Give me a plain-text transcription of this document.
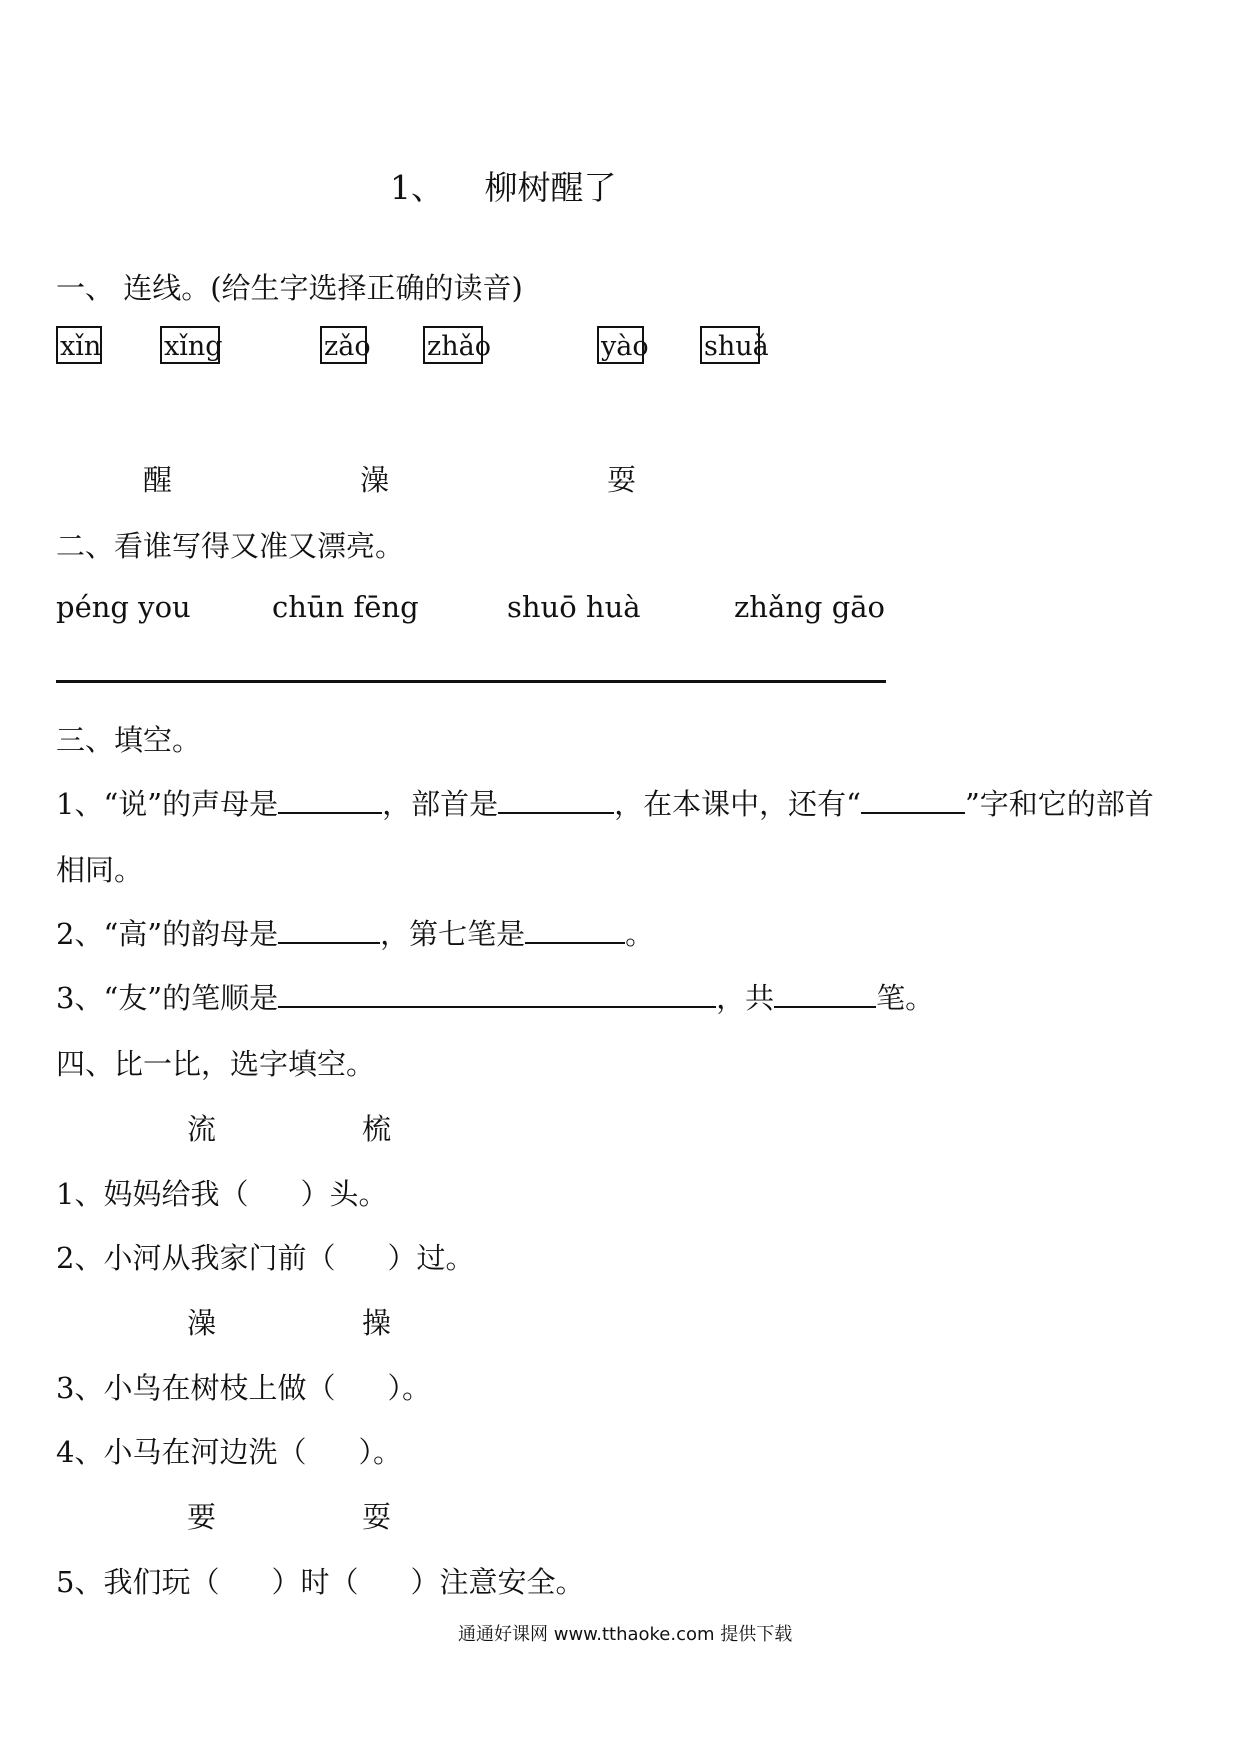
1、 柳树醒了
一、 连线。(给生字选择正确的读音)
xǐn xǐng	zǎo zhǎo	yào shuǎ
醒	澡	耍
二、看谁写得又准又漂亮。
péng you	chūn fēng	shuō huà	zhǎng gāo
三、填空。
1、“说”的声母是	，部首是	，在本课中，还有“	”字和它的部首
相同。
2、“高”的韵母是	，第七笔是	。
3、“友”的笔顺是	，共	笔。
四、比一比，选字填空。
流	梳
1、妈妈给我（ ）头。
2、小河从我家门前（ ）过。
澡	操
3、小鸟在树枝上做（ ）。
4、小马在河边洗（ ）。
要	耍
5、我们玩（ ）时（ ）注意安全。
通通好课网 www.tthaoke.com 提供下载
